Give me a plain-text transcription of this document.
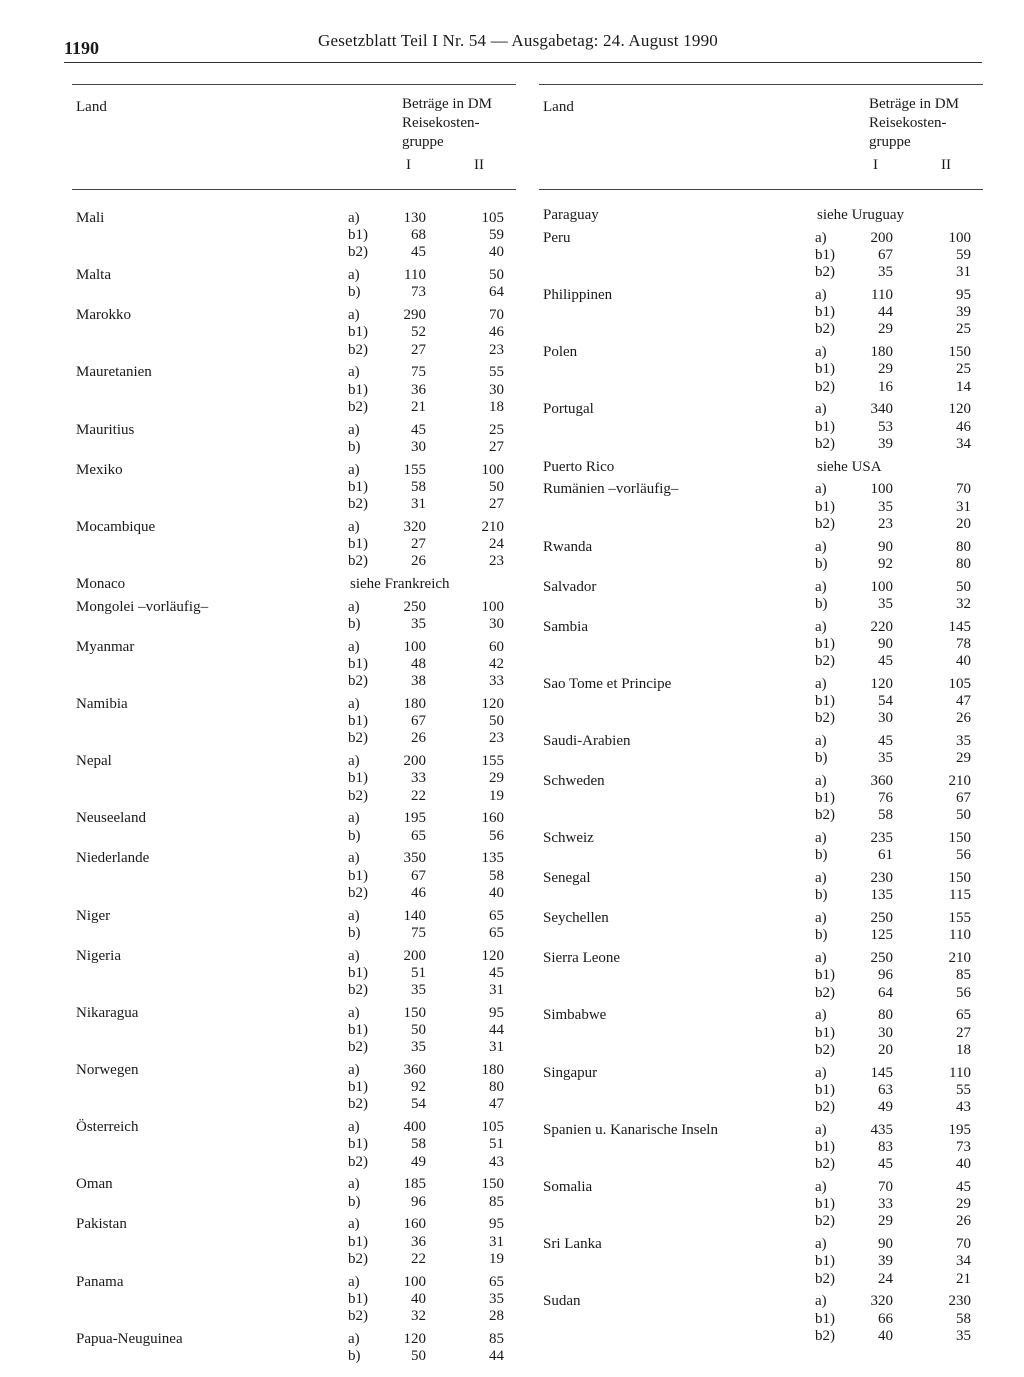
1190	Gesetzblatt Teil I Nr. 54 — Ausgabetag: 24. August 1990
Land	Beträge in DM
Reisekosten-
gruppe
I	II
Mali	a)	130	105
b1)	68	59
b2)	45	40
Malta	a)	110	50
b)	73	64
Marokko	a)	290	70
b1)	52	46
b2)	27	23
Mauretanien	a)	75	55
b1)	36	30
b2)	21	18
Mauritius	a)	45	25
b)	30	27
Mexiko	a)	155	100
b1)	58	50
b2)	31	27
Mocambique	a)	320	210
b1)	27	24
b2)	26	23
Monaco	siehe Frankreich
Mongolei –vorläufig–	a)	250	100
b)	35	30
Myanmar	a)	100	60
b1)	48	42
b2)	38	33
Namibia	a)	180	120
b1)	67	50
b2)	26	23
Nepal	a)	200	155
b1)	33	29
b2)	22	19
Neuseeland	a)	195	160
b)	65	56
Niederlande	a)	350	135
b1)	67	58
b2)	46	40
Niger	a)	140	65
b)	75	65
Nigeria	a)	200	120
b1)	51	45
b2)	35	31
Nikaragua	a)	150	95
b1)	50	44
b2)	35	31
Norwegen	a)	360	180
b1)	92	80
b2)	54	47
Österreich	a)	400	105
b1)	58	51
b2)	49	43
Oman	a)	185	150
b)	96	85
Pakistan	a)	160	95
b1)	36	31
b2)	22	19
Panama	a)	100	65
b1)	40	35
b2)	32	28
Papua-Neuguinea	a)	120	85
b)	50	44
Land	Beträge in DM
Reisekosten-
gruppe
I	II
Paraguay	siehe Uruguay
Peru	a)	200	100
b1)	67	59
b2)	35	31
Philippinen	a)	110	95
b1)	44	39
b2)	29	25
Polen	a)	180	150
b1)	29	25
b2)	16	14
Portugal	a)	340	120
b1)	53	46
b2)	39	34
Puerto Rico	siehe USA
Rumänien –vorläufig–	a)	100	70
b1)	35	31
b2)	23	20
Rwanda	a)	90	80
b)	92	80
Salvador	a)	100	50
b)	35	32
Sambia	a)	220	145
b1)	90	78
b2)	45	40
Sao Tome et Principe	a)	120	105
b1)	54	47
b2)	30	26
Saudi-Arabien	a)	45	35
b)	35	29
Schweden	a)	360	210
b1)	76	67
b2)	58	50
Schweiz	a)	235	150
b)	61	56
Senegal	a)	230	150
b)	135	115
Seychellen	a)	250	155
b)	125	110
Sierra Leone	a)	250	210
b1)	96	85
b2)	64	56
Simbabwe	a)	80	65
b1)	30	27
b2)	20	18
Singapur	a)	145	110
b1)	63	55
b2)	49	43
Spanien u. Kanarische Inseln	a)	435	195
b1)	83	73
b2)	45	40
Somalia	a)	70	45
b1)	33	29
b2)	29	26
Sri Lanka	a)	90	70
b1)	39	34
b2)	24	21
Sudan	a)	320	230
b1)	66	58
b2)	40	35
